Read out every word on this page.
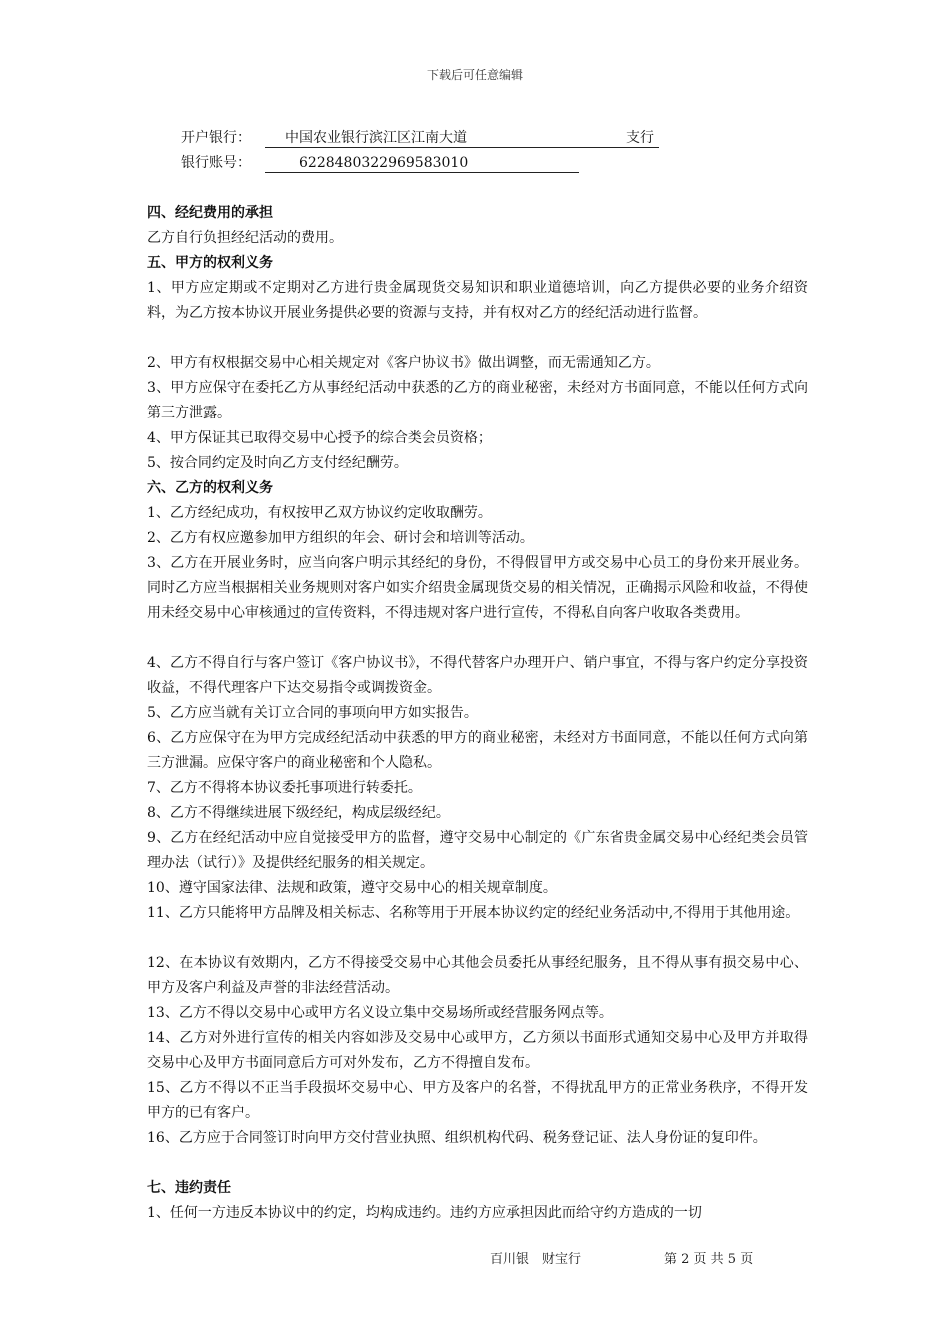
下载后可任意编辑
开户银行： 中国农业银行滨江区江南大道	支行
银行账号：	6228480322969583010

四、经纪费用的承担

乙方自行负担经纪活动的费用。

五、甲方的权利义务

1、甲方应定期或不定期对乙方进行贵金属现货交易知识和职业道德培训，向乙方提供必要的业务介绍资料，为乙方按本协议开展业务提供必要的资源与支持，并有权对乙方的经纪活动进行监督。

2、甲方有权根据交易中心相关规定对《客户协议书》做出调整，而无需通知乙方。

3、甲方应保守在委托乙方从事经纪活动中获悉的乙方的商业秘密，未经对方书面同意，不能以任何方式向第三方泄露。

4、甲方保证其已取得交易中心授予的综合类会员资格；

5、按合同约定及时向乙方支付经纪酬劳。

六、乙方的权利义务

1、乙方经纪成功，有权按甲乙双方协议约定收取酬劳。

2、乙方有权应邀参加甲方组织的年会、研讨会和培训等活动。

3、乙方在开展业务时，应当向客户明示其经纪的身份，不得假冒甲方或交易中心员工的身份来开展业务。同时乙方应当根据相关业务规则对客户如实介绍贵金属现货交易的相关情况，正确揭示风险和收益，不得使用未经交易中心审核通过的宣传资料，不得违规对客户进行宣传，不得私自向客户收取各类费用。

4、乙方不得自行与客户签订《客户协议书》，不得代替客户办理开户、销户事宜，不得与客户约定分享投资收益，不得代理客户下达交易指令或调拨资金。

5、乙方应当就有关订立合同的事项向甲方如实报告。

6、乙方应保守在为甲方完成经纪活动中获悉的甲方的商业秘密，未经对方书面同意，不能以任何方式向第三方泄漏。应保守客户的商业秘密和个人隐私。

7、乙方不得将本协议委托事项进行转委托。

8、乙方不得继续进展下级经纪，构成层级经纪。

9、乙方在经纪活动中应自觉接受甲方的监督，遵守交易中心制定的《广东省贵金属交易中心经纪类会员管理办法（试行）》及提供经纪服务的相关规定。

10、遵守国家法律、法规和政策，遵守交易中心的相关规章制度。

11、乙方只能将甲方品牌及相关标志、名称等用于开展本协议约定的经纪业务活动中,不得用于其他用途。

12、在本协议有效期内，乙方不得接受交易中心其他会员委托从事经纪服务，且不得从事有损交易中心、甲方及客户利益及声誉的非法经营活动。

13、乙方不得以交易中心或甲方名义设立集中交易场所或经营服务网点等。

14、乙方对外进行宣传的相关内容如涉及交易中心或甲方，乙方须以书面形式通知交易中心及甲方并取得交易中心及甲方书面同意后方可对外发布，乙方不得擅自发布。

15、乙方不得以不正当手段损坏交易中心、甲方及客户的名誉，不得扰乱甲方的正常业务秩序，不得开发甲方的已有客户。

16、乙方应于合同签订时向甲方交付营业执照、组织机构代码、税务登记证、法人身份证的复印件。

七、违约责任

1、任何一方违反本协议中的约定，均构成违约。违约方应承担因此而给守约方造成的一切

百川银　财宝行	第 2 页 共 5 页
